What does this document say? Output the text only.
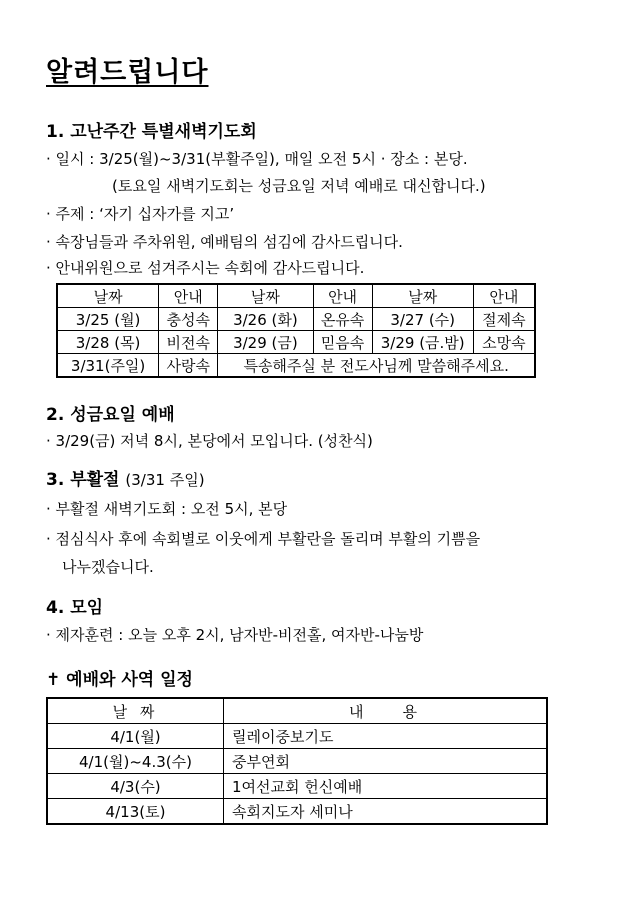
알려드립니다
1. 고난주간 특별새벽기도회
· 일시 : 3/25(월)~3/31(부활주일), 매일 오전 5시 · 장소 : 본당.
(토요일 새벽기도회는 성금요일 저녁 예배로 대신합니다.)
· 주제 : ‘자기 십자가를 지고’
· 속장님들과 주차위원, 예배팀의 섬김에 감사드립니다.
· 안내위원으로 섬겨주시는 속회에 감사드립니다.
날짜	안내	날짜	안내	날짜	안내
3/25 (월)	충성속	3/26 (화)	온유속	3/27 (수)	절제속
3/28 (목)	비전속	3/29 (금)	믿음속	3/29 (금.밤)	소망속
3/31(주일)	사랑속	특송해주실 분 전도사님께 말씀해주세요.			
2. 성금요일 예배
· 3/29(금) 저녁 8시, 본당에서 모입니다. (성찬식)
3. 부활절 (3/31 주일)
· 부활절 새벽기도회 : 오전 5시, 본당
· 점심식사 후에 속회별로 이웃에게 부활란을 돌리며 부활의 기쁨을
나누겠습니다.
4. 모임
· 제자훈련 : 오늘 오후 2시, 남자반-비전홀, 여자반-나눔방
✝ 예배와 사역 일정
날 짜	내    용
4/1(월)	릴레이중보기도
4/1(월)~4.3(수)	중부연회
4/3(수)	1여선교회 헌신예배
4/13(토)	속회지도자 세미나
